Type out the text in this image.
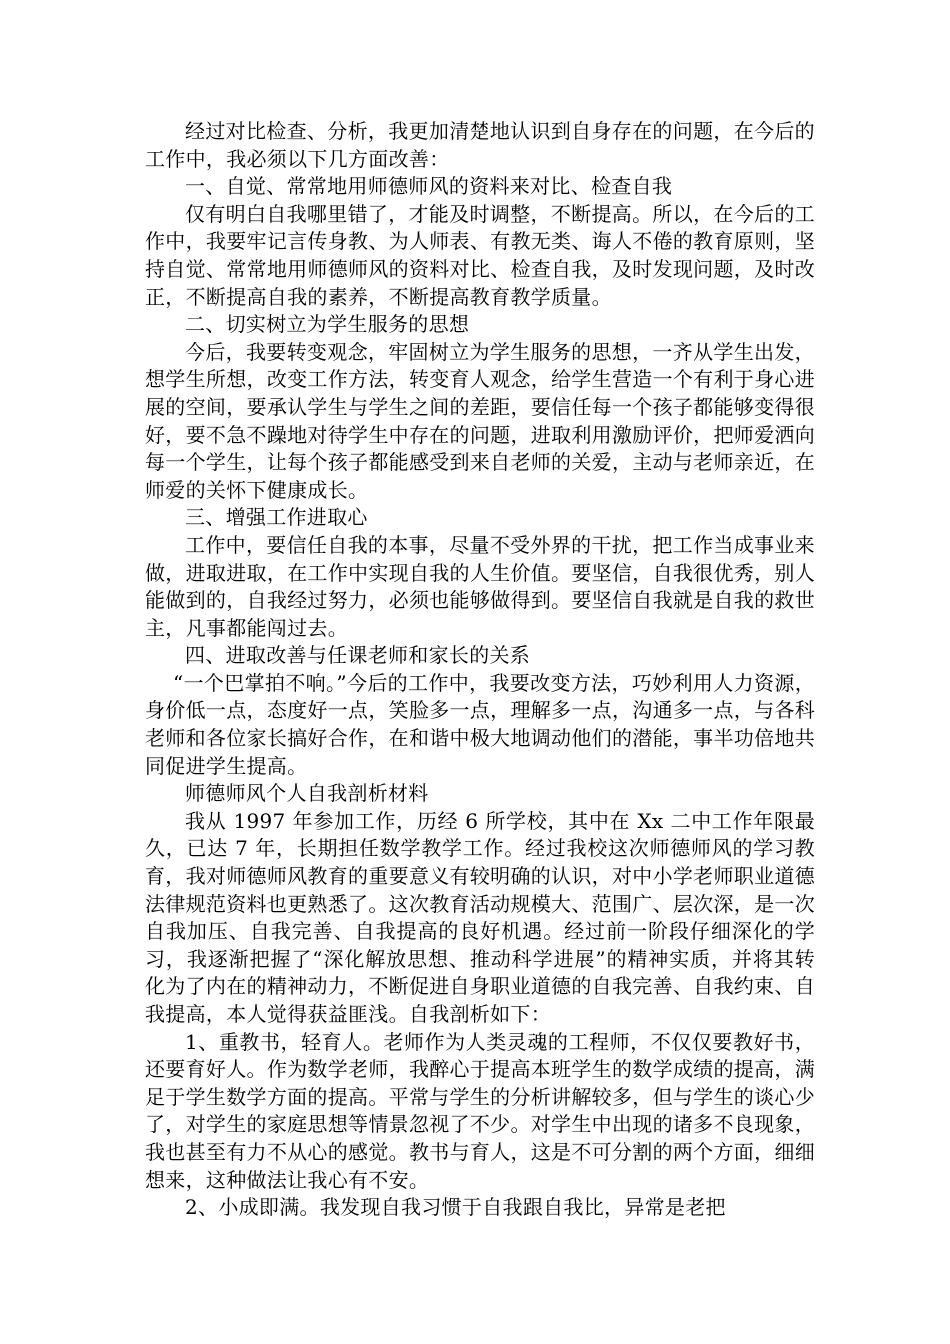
经过对比检查、分析，我更加清楚地认识到自身存在的问题，在今后的工作中，我必须以下几方面改善：

一、自觉、常常地用师德师风的资料来对比、检查自我

仅有明白自我哪里错了，才能及时调整，不断提高。所以，在今后的工作中，我要牢记言传身教、为人师表、有教无类、诲人不倦的教育原则，坚持自觉、常常地用师德师风的资料对比、检查自我，及时发现问题，及时改正，不断提高自我的素养，不断提高教育教学质量。

二、切实树立为学生服务的思想

今后，我要转变观念，牢固树立为学生服务的思想，一齐从学生出发，想学生所想，改变工作方法，转变育人观念，给学生营造一个有利于身心进展的空间，要承认学生与学生之间的差距，要信任每一个孩子都能够变得很好，要不急不躁地对待学生中存在的问题，进取利用激励评价，把师爱洒向每一个学生，让每个孩子都能感受到来自老师的关爱，主动与老师亲近，在师爱的关怀下健康成长。

三、增强工作进取心

工作中，要信任自我的本事，尽量不受外界的干扰，把工作当成事业来做，进取进取，在工作中实现自我的人生价值。要坚信，自我很优秀，别人能做到的，自我经过努力，必须也能够做得到。要坚信自我就是自我的救世主，凡事都能闯过去。

四、进取改善与任课老师和家长的关系

“一个巴掌拍不响。”今后的工作中，我要改变方法，巧妙利用人力资源，身价低一点，态度好一点，笑脸多一点，理解多一点，沟通多一点，与各科老师和各位家长搞好合作，在和谐中极大地调动他们的潜能，事半功倍地共同促进学生提高。

师德师风个人自我剖析材料

我从 1997 年参加工作，历经 6 所学校，其中在 Xx 二中工作年限最久，已达 7 年，长期担任数学教学工作。经过我校这次师德师风的学习教育，我对师德师风教育的重要意义有较明确的认识，对中小学老师职业道德法律规范资料也更熟悉了。这次教育活动规模大、范围广、层次深，是一次自我加压、自我完善、自我提高的良好机遇。经过前一阶段仔细深化的学习，我逐渐把握了“深化解放思想、推动科学进展”的精神实质，并将其转化为了内在的精神动力，不断促进自身职业道德的自我完善、自我约束、自我提高，本人觉得获益匪浅。自我剖析如下：

1、重教书，轻育人。老师作为人类灵魂的工程师，不仅仅要教好书，还要育好人。作为数学老师，我醉心于提高本班学生的数学成绩的提高，满足于学生数学方面的提高。平常与学生的分析讲解较多，但与学生的谈心少了，对学生的家庭思想等情景忽视了不少。对学生中出现的诸多不良现象，我也甚至有力不从心的感觉。教书与育人，这是不可分割的两个方面，细细想来，这种做法让我心有不安。

2、小成即满。我发现自我习惯于自我跟自我比，异常是老把
